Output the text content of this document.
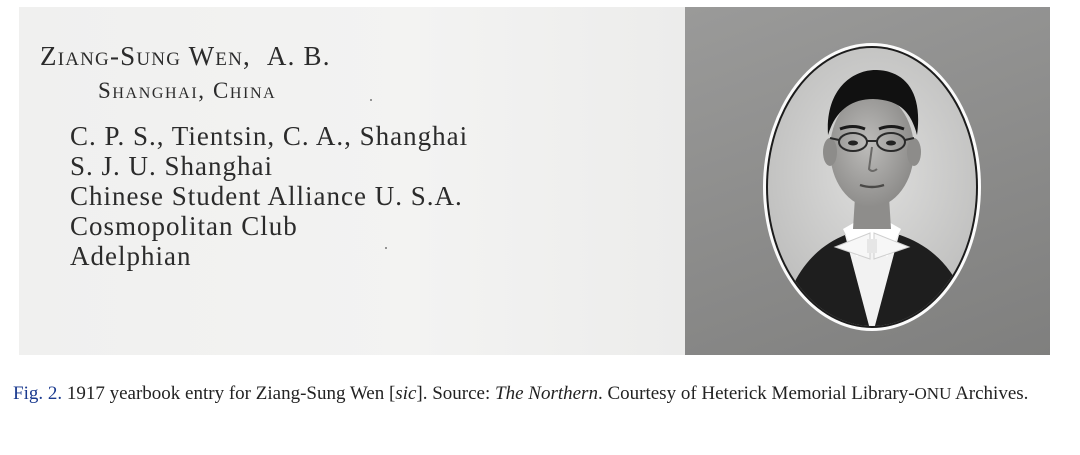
Ziang-Sung Wen, A. B.
Shanghai, China
C. P. S., Tientsin, C. A., Shanghai
S. J. U. Shanghai
Chinese Student Alliance U. S.A.
Cosmopolitan Club
Adelphian
Fig. 2. 1917 yearbook entry for Ziang-Sung Wen [sic]. Source: The Northern. Courtesy of Heterick Memorial Library-ONU Archives.
